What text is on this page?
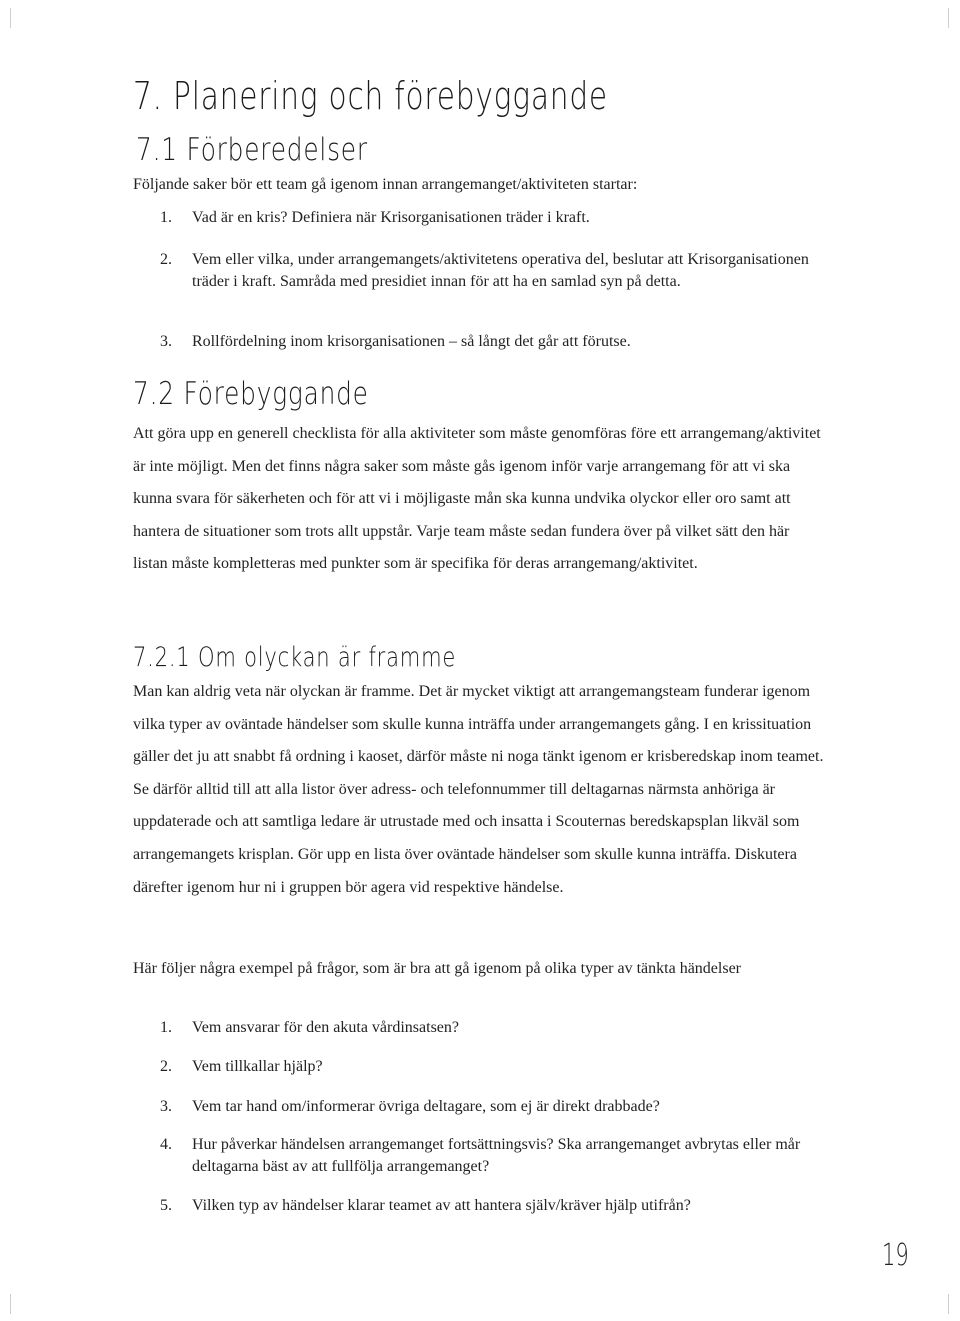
7. Planering och förebyggande
7.1 Förberedelser

Följande saker bör ett team gå igenom innan arrangemanget/aktiviteten startar:

1. Vad är en kris? Definiera när Krisorganisationen träder i kraft.
2. Vem eller vilka, under arrangemangets/aktivitetens operativa del, beslutar att Krisorganisationen träder i kraft. Samråda med presidiet innan för att ha en samlad syn på detta.
3. Rollfördelning inom krisorganisationen – så långt det går att förutse.
7.2 Förebyggande

Att göra upp en generell checklista för alla aktiviteter som måste genomföras före ett arrangemang/aktivitet är inte möjligt. Men det finns några saker som måste gås igenom inför varje arrangemang för att vi ska kunna svara för säkerheten och för att vi i möjligaste mån ska kunna undvika olyckor eller oro samt att hantera de situationer som trots allt uppstår. Varje team måste sedan fundera över på vilket sätt den här listan måste kompletteras med punkter som är specifika för deras arrangemang/aktivitet.

7.2.1 Om olyckan är framme

Man kan aldrig veta när olyckan är framme. Det är mycket viktigt att arrangemangsteam funderar igenom vilka typer av oväntade händelser som skulle kunna inträffa under arrangemangets gång. I en krissituation gäller det ju att snabbt få ordning i kaoset, därför måste ni noga tänkt igenom er krisberedskap inom teamet. Se därför alltid till att alla listor över adress- och telefonnummer till deltagarnas närmsta anhöriga är uppdaterade och att samtliga ledare är utrustade med och insatta i Scouternas beredskapsplan likväl som arrangemangets krisplan. Gör upp en lista över oväntade händelser som skulle kunna inträffa. Diskutera därefter igenom hur ni i gruppen bör agera vid respektive händelse.

Här följer några exempel på frågor, som är bra att gå igenom på olika typer av tänkta händelser

1. Vem ansvarar för den akuta vårdinsatsen?
2. Vem tillkallar hjälp?
3. Vem tar hand om/informerar övriga deltagare, som ej är direkt drabbade?
4. Hur påverkar händelsen arrangemanget fortsättningsvis? Ska arrangemanget avbrytas eller mår deltagarna bäst av att fullfölja arrangemanget?
5. Vilken typ av händelser klarar teamet av att hantera själv/kräver hjälp utifrån?
19
